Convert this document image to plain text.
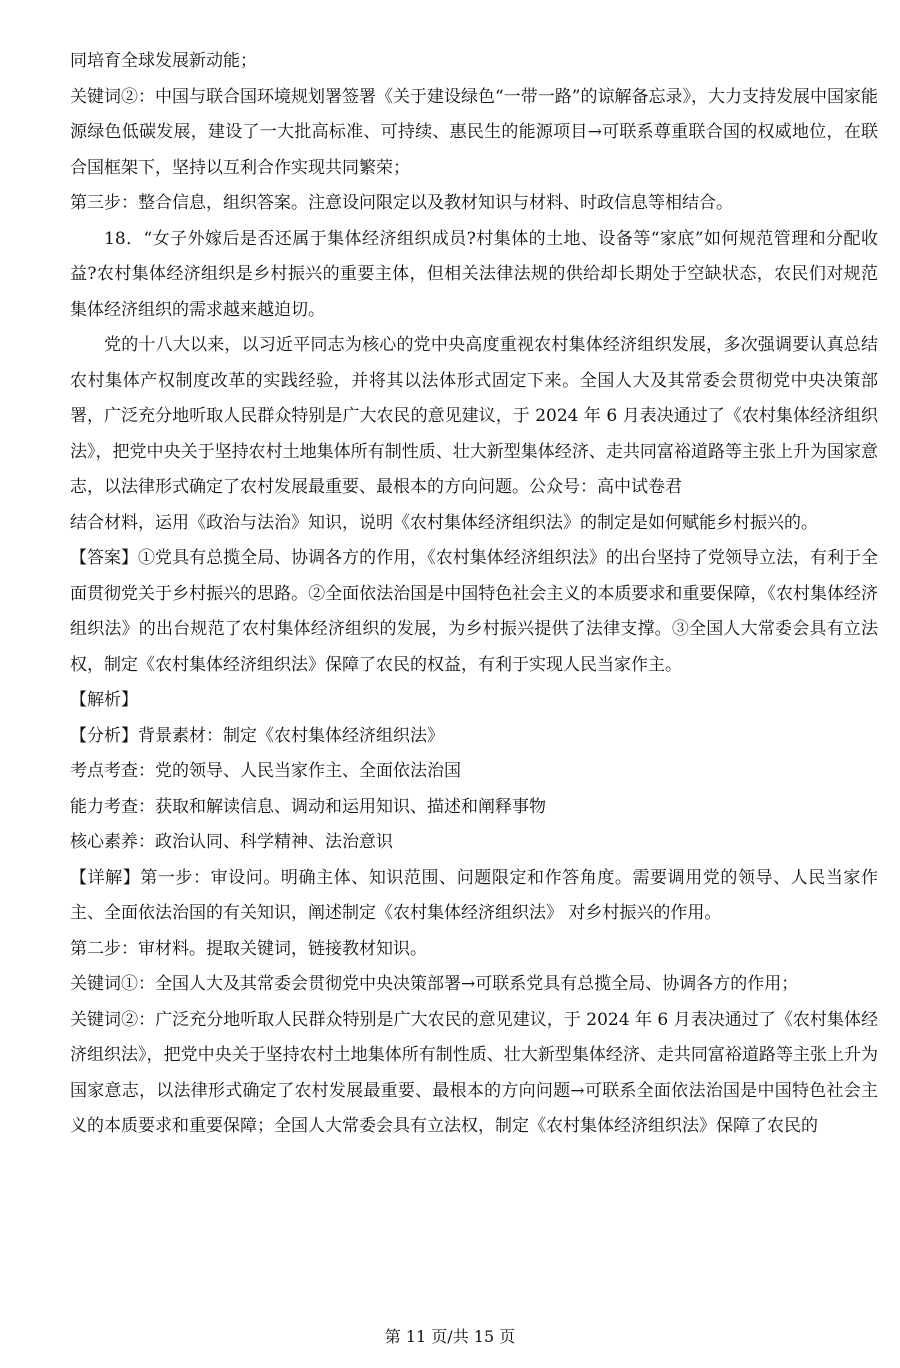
同培育全球发展新动能；

关键词②：中国与联合国环境规划署签署《关于建设绿色“一带一路”的谅解备忘录》，大力支持发展中国家能源绿色低碳发展，建设了一大批高标准、可持续、惠民生的能源项目→可联系尊重联合国的权威地位，在联合国框架下，坚持以互利合作实现共同繁荣；

第三步：整合信息，组织答案。注意设问限定以及教材知识与材料、时政信息等相结合。

18．“女子外嫁后是否还属于集体经济组织成员?村集体的土地、设备等“家底”如何规范管理和分配收益?农村集体经济组织是乡村振兴的重要主体，但相关法律法规的供给却长期处于空缺状态，农民们对规范集体经济组织的需求越来越迫切。

党的十八大以来，以习近平同志为核心的党中央高度重视农村集体经济组织发展，多次强调要认真总结农村集体产权制度改革的实践经验，并将其以法体形式固定下来。全国人大及其常委会贯彻党中央决策部署，广泛充分地听取人民群众特别是广大农民的意见建议，于 2024 年 6 月表决通过了《农村集体经济组织法》，把党中央关于坚持农村土地集体所有制性质、壮大新型集体经济、走共同富裕道路等主张上升为国家意志，以法律形式确定了农村发展最重要、最根本的方向问题。公众号：高中试卷君

结合材料，运用《政治与法治》知识，说明《农村集体经济组织法》的制定是如何赋能乡村振兴的。

【答案】①党具有总揽全局、协调各方的作用，《农村集体经济组织法》的出台坚持了党领导立法，有利于全面贯彻党关于乡村振兴的思路。②全面依法治国是中国特色社会主义的本质要求和重要保障，《农村集体经济组织法》的出台规范了农村集体经济组织的发展，为乡村振兴提供了法律支撑。③全国人大常委会具有立法权，制定《农村集体经济组织法》保障了农民的权益，有利于实现人民当家作主。

【解析】

【分析】背景素材：制定《农村集体经济组织法》

考点考查：党的领导、人民当家作主、全面依法治国

能力考查：获取和解读信息、调动和运用知识、描述和阐释事物

核心素养：政治认同、科学精神、法治意识

【详解】第一步：审设问。明确主体、知识范围、问题限定和作答角度。需要调用党的领导、人民当家作主、全面依法治国的有关知识，阐述制定《农村集体经济组织法》 对乡村振兴的作用。

第二步：审材料。提取关键词，链接教材知识。

关键词①：全国人大及其常委会贯彻党中央决策部署→可联系党具有总揽全局、协调各方的作用；

关键词②：广泛充分地听取人民群众特别是广大农民的意见建议，于 2024 年 6 月表决通过了《农村集体经济组织法》，把党中央关于坚持农村土地集体所有制性质、壮大新型集体经济、走共同富裕道路等主张上升为国家意志，以法律形式确定了农村发展最重要、最根本的方向问题→可联系全面依法治国是中国特色社会主义的本质要求和重要保障；全国人大常委会具有立法权，制定《农村集体经济组织法》保障了农民的

第 11 页/共 15 页
